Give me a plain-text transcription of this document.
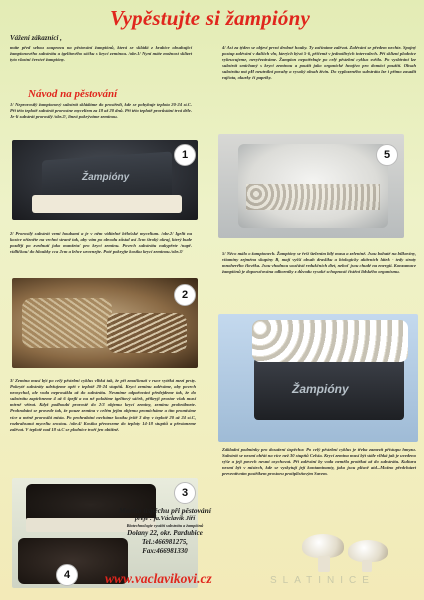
Vypěstujte si žampióny
Vážení zákazníci ,
máte před sebou soupravu na pěstování žampiónů, která se skládá z krabice obsahující žampionového substrátu a igelitového sáčku s krycí zeminou. /obr.1/ Nyní máte možnost sklízet tyto vlastní čerstvé žampióny.
Návod na pěstování
1/ Neprorostlý žampionový substrát skládáme do prostředí, kde se pohybuje teplota 20-24 st.C. Při této teplotě substrát prorostne myceliem za 18 až 20 dnů. Při této teplotě prorůstání trvá déle. Je-li substrát prorostlý /obr.2/, lineá pokrýváme zeminou.
Žampióny
1
2/ Prorostlý substrát vemi houbami a je v něm viditelné bělošské mycelium. /obr.2/ Igelit na kostce ořízněte na vrchní straně tak, aby vám po obvodu zůstal asi 3cm široký okraj, který bude později po zvednutí jako manžeta/ pro krycí zeminu. Povrch substrátu nakypřete /např. vidličkou/ do hloubky cca 2cm a lehce urovnejte. Poté pokryjte kostku krycí zeminou./obr.3/
2
3/ Zemina musí být po celý pěstební cyklus vlhká tak, že při zmačknutí v ruce vytéká mezi prsty. Pokryté substráty udržujeme opět v teplotě 20-24 stupňů. Krycí zeminu zaléváme, aby povrch neosychal, ale voda neprosákla až do substrátu. Nesmíme odpařování předejdeme tak, že do substrátu zapíchneme 4 až 6 špejlí a na ně položíme igelitový sáček, přikryjí prostor však musí mírně větrat. Když podhoubí prorostě do 2/3 objemu krycí zeminy, zeminu prohrábnete. Prohrabání se provede tak, že pouze zemina v celém jejím objemu promícháme a tím promísíme více a méně prorostlá místa. Po prohrabání necháme kostku ještě 3 dny v teplotě 20 až 24 st.C, rozbrahsaná myceliu srostou. /obr.4/ Kostku přeneseme do teploty 14-18 stupňů a přestaneme zalévat. V teplotě nad 18 st.C se plodnice tvoří jen obtížně.
3
4
4/ Asi za týden se objeví první drobné houby. Ty začínáme zalévat. Zalévání se předem nechte. Spojný postup zalévání v dalších vln, kterých bývá 5-6, přičemž v jednotlivých intervalech. Při sklizni plodnice vykrucujeme, nevyřezáváme. Žampion nepotřebuje po celý pěstební cyklus světlo. Po vysbírání lze substrát smíchaný s krycí zeminou a použít jako organické hnojivo pro domácí použití. Obsah substrátu má pH neutrální povahy a vysoký obsah živin. Do vyplozeného substrátu lze i přímo zasadit rajčata, okurky či papriky.
5
5/ Něco málo o žampionech. Žampióny se řeší štelením bílý masa a zelenině. Jsou bohaté na bílkoviny, vitamíny zejména skupiny B, mají vyšší obsah draslíku a biologicky aktivních látek - tedy straty mnoherého člověka. Jsou vhodnou součástí redukčních diet, nebot' jsou chudé na energii. Konzumace žampiónů je doporučována odborníky z důvodu vysoké schopnosti čistění lidského organismu.
Žampióny
Základní podmínky pro dosažení úspěchu: Po celý pěstební cyklus je třeba zamezit přístupu hmyzu. Substrát se nesmí ohřát na více než 30 stupňů Celsia. Krycí zemina musí být stále vlhká jak je uvedeno výše a její povrch nesmí osychovat. Při zalévání by voda neměla protékat až do substrátu. Kultura nesmí být v místech, kde se vyskytují její kontaminanty, jako jsou plísně atd...Možno předcházet preventivním postřikem prostoru protiplísňovým Savem.
Mnoho úspěchu při pěstování
přeje : fa.Václavík Jiří
Biotechnologie využití substrátu a žampiónů
Dolany 22, okr. Pardubice
Tel.:466981275,
Fax:466981330
www.vaclavikovi.cz	SLATINICE
